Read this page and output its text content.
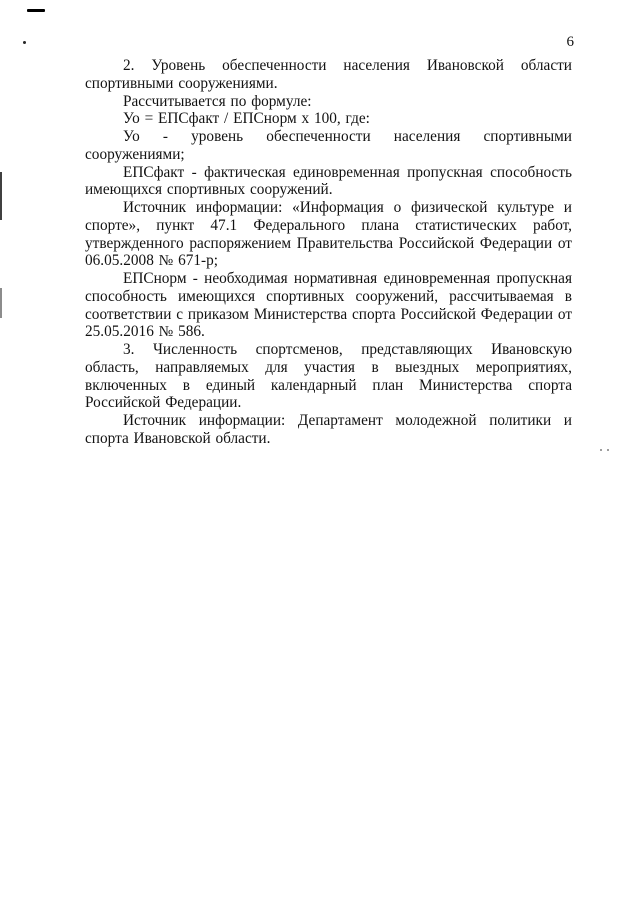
6

2. Уровень обеспеченности населения Ивановской области спортивными сооружениями.

Рассчитывается по формуле:

Уо = ЕПСфакт / ЕПСнорм х 100, где:

Уо - уровень обеспеченности населения спортивными сооружениями;

ЕПСфакт - фактическая единовременная пропускная способность имеющихся спортивных сооружений.

Источник информации: «Информация о физической культуре и спорте», пункт 47.1 Федерального плана статистических работ, утвержденного распоряжением Правительства Российской Федерации от 06.05.2008 № 671-р;

ЕПСнорм - необходимая нормативная единовременная пропускная способность имеющихся спортивных сооружений, рассчитываемая в соответствии с приказом Министерства спорта Российской Федерации от 25.05.2016 № 586.

3. Численность спортсменов, представляющих Ивановскую область, направляемых для участия в выездных мероприятиях, включенных в единый календарный план Министерства спорта Российской Федерации.

Источник информации: Департамент молодежной политики и спорта Ивановской области.
